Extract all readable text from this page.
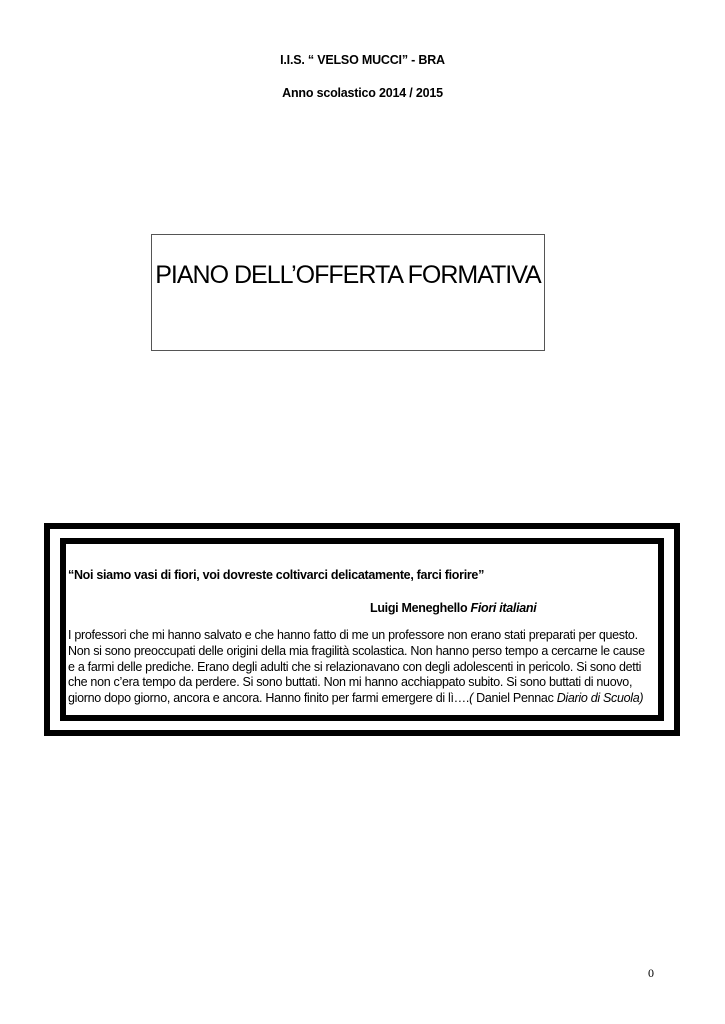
I.I.S. “ VELSO MUCCI” - BRA
Anno scolastico 2014 / 2015
PIANO DELL’OFFERTA FORMATIVA

“Noi siamo vasi di fiori, voi dovreste coltivarci delicatamente, farci fiorire”

Luigi Meneghello Fiori italiani

I professori che mi hanno salvato e che hanno fatto di me un professore non erano stati preparati per questo.
Non si sono preoccupati delle origini della mia fragilità scolastica. Non hanno perso tempo a cercarne le cause
e a farmi delle prediche. Erano degli adulti che si relazionavano con degli adolescenti in pericolo. Si sono detti
che non c’era tempo da perdere. Si sono buttati. Non mi hanno acchiappato subito. Si sono buttati di nuovo,
giorno dopo giorno, ancora e ancora. Hanno finito per farmi emergere di lì….( Daniel Pennac Diario di Scuola)

0
